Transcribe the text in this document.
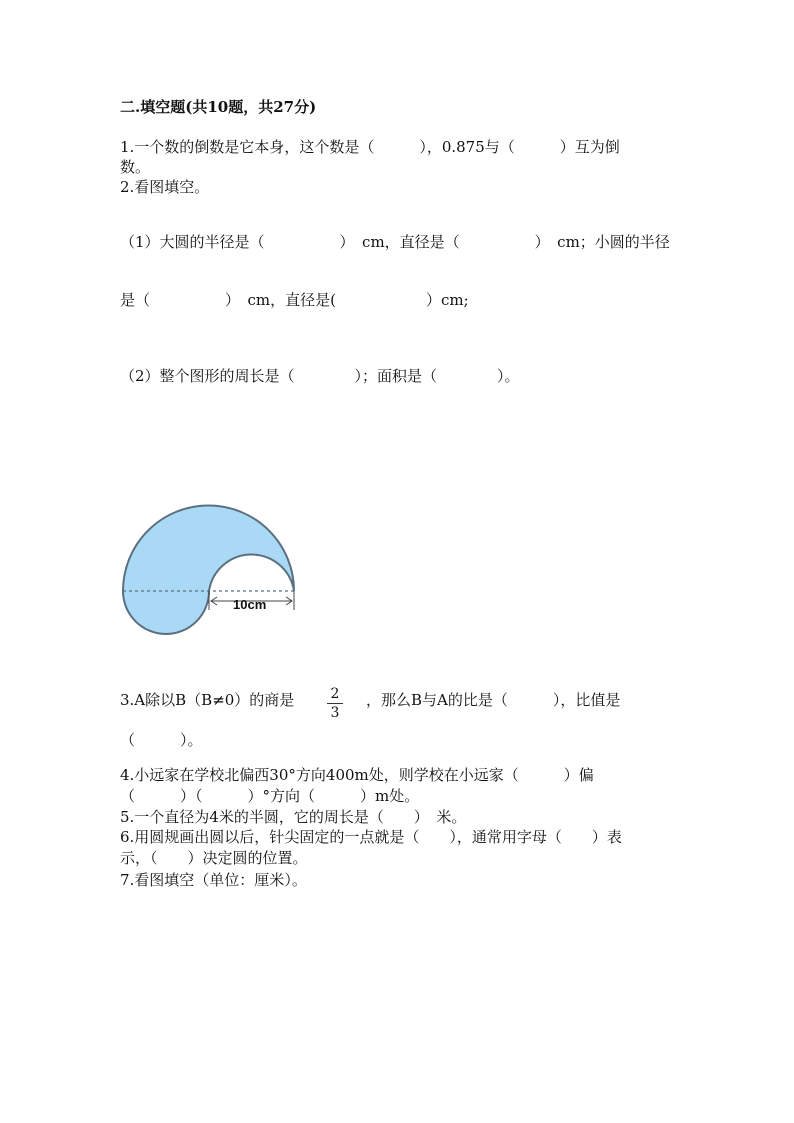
二.填空题(共10题，共27分)
1.一个数的倒数是它本身，这个数是（　　　），0.875与（　　　）互为倒
数。
2.看图填空。
（1）大圆的半径是（　　　　　）　cm，直径是（　　　　　）　cm；小圆的半径
是（　　　　　）　cm，直径是(　　　　　　）cm;
（2）整个图形的周长是（　　　　）；面积是（　　　　）。
10cm
3.A除以B（B≠0）的商是	2
3
，那么B与A的比是（　　　），比值是
（　　　）。
4.小远家在学校北偏西30°方向400m处，则学校在小远家（　　　）偏
（　　　）（　　　）°方向（　　　）m处。
5.一个直径为4米的半圆，它的周长是（　　）　米。
6.用圆规画出圆以后，针尖固定的一点就是（　　），通常用字母（　　）表
示，（　　）决定圆的位置。
7.看图填空（单位：厘米）。
